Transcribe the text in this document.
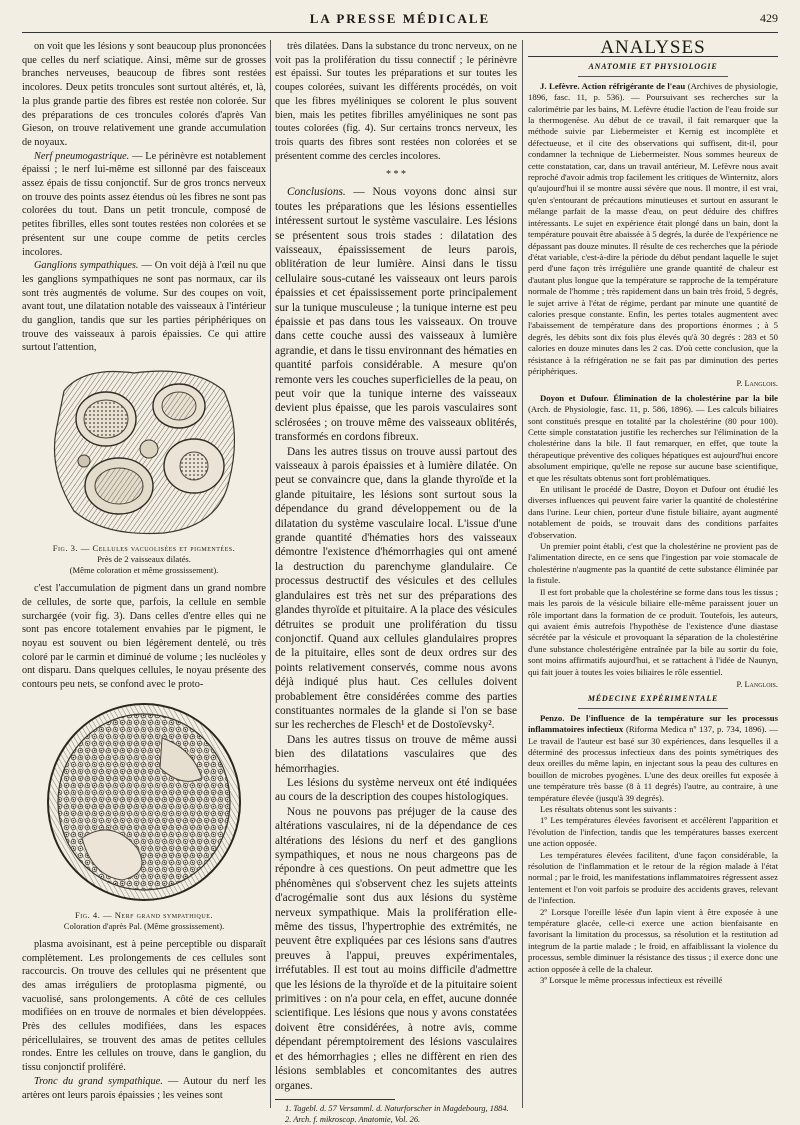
LA PRESSE MÉDICALE	429

on voit que les lésions y sont beaucoup plus prononcées que celles du nerf sciatique. Ainsi, même sur de grosses branches nerveuses, beaucoup de fibres sont restées incolores. Deux petits troncules sont surtout altérés, et, là, la plus grande partie des fibres est restée non colorée. Sur des préparations de ces troncules colorés d'après Van Gieson, on trouve relativement une grande accumulation de noyaux.

Nerf pneumogastrique. — Le périnèvre est notablement épaissi ; le nerf lui-même est sillonné par des faisceaux assez épais de tissu conjonctif. Sur de gros troncs nerveux on trouve des points assez étendus où les fibres ne sont pas colorées du tout. Dans un petit troncule, composé de petites fibrilles, elles sont toutes restées non colorées et se présentent sur une coupe comme de petits cercles incolores.

Ganglions sympathiques. — On voit déjà à l'œil nu que les ganglions sympathiques ne sont pas normaux, car ils sont très augmentés de volume. Sur des coupes on voit, avant tout, une dilatation notable des vaisseaux à l'intérieur du ganglion, tandis que sur les parties périphériques on trouve des vaisseaux à parois épaissies. Ce qui attire surtout l'attention,

Fig. 3. — Cellules vacuolisées et pigmentées.
Près de 2 vaisseaux dilatés.
(Même coloration et même grossissement).

c'est l'accumulation de pigment dans un grand nombre de cellules, de sorte que, parfois, la cellule en semble surchargée (voir fig. 3). Dans celles d'entre elles qui ne sont pas encore totalement envahies par le pigment, le noyau est souvent ou bien légèrement dentelé, ou très coloré par le carmin et diminué de volume ; les nucléoles y ont disparu. Dans quelques cellules, le noyau présente des contours peu nets, se confond avec le proto-

Fig. 4. — Nerf grand sympathique.
Coloration d'après Pal. (Même grossissement).

plasma avoisinant, est à peine perceptible ou disparaît complètement. Les prolongements de ces cellules sont raccourcis. On trouve des cellules qui ne présentent que des amas irréguliers de protoplasma pigmenté, ou vacuolisé, sans prolongements. A côté de ces cellules modifiées on en trouve de normales et bien développées. Près des cellules modifiées, dans les espaces péricellulaires, se trouvent des amas de petites cellules rondes. Entre les cellules on trouve, dans le ganglion, du tissu conjonctif proliféré.

Tronc du grand sympathique. — Autour du nerf les artères ont leurs parois épaissies ; les veines sont

très dilatées. Dans la substance du tronc nerveux, on ne voit pas la prolifération du tissu connectif ; le périnèvre est épaissi. Sur toutes les préparations et sur toutes les coupes colorées, suivant les différents procédés, on voit que les fibres myéliniques se colorent le plus souvent bien, mais les petites fibrilles amyéliniques ne sont pas toutes colorées (fig. 4). Sur certains troncs nerveux, les trois quarts des fibres sont restées non colorées et se présentent comme des cercles incolores.

* * *

Conclusions. — Nous voyons donc ainsi sur toutes les préparations que les lésions essentielles intéressent surtout le système vasculaire. Les lésions se présentent sous trois stades : dilatation des vaisseaux, épaississement de leurs parois, oblitération de leur lumière. Ainsi dans le tissu cellulaire sous-cutané les vaisseaux ont leurs parois épaissies et cet épaississement porte principalement sur la tunique musculeuse ; la tunique interne est peu épaissie et pas dans tous les vaisseaux. On trouve dans cette couche aussi des vaisseaux à lumière agrandie, et dans le tissu environnant des hématies en quantité parfois considérable. A mesure qu'on remonte vers les couches superficielles de la peau, on peut voir que la tunique interne des vaisseaux devient plus épaisse, que les parois vasculaires sont sclérosées ; on trouve même des vaisseaux oblitérés, transformés en cordons fibreux.

Dans les autres tissus on trouve aussi partout des vaisseaux à parois épaissies et à lumière dilatée. On peut se convaincre que, dans la glande thyroïde et la glande pituitaire, les lésions sont surtout sous la dépendance du grand développement ou de la dilatation du système vasculaire local. L'issue d'une grande quantité d'hématies hors des vaisseaux démontre l'existence d'hémorrhagies qui ont amené la destruction du parenchyme glandulaire. Ce processus destructif des vésicules et des cellules glandulaires est très net sur des préparations des glandes thyroïde et pituitaire. A la place des vésicules détruites se produit une prolifération du tissu conjonctif. Quand aux cellules glandulaires propres de la pituitaire, elles sont de deux ordres sur des points relativement conservés, comme nous avons déjà indiqué plus haut. Ces cellules doivent probablement être considérées comme des parties constituantes normales de la glande si l'on se base sur les recherches de Flesch¹ et de Dostoïevsky².

Dans les autres tissus on trouve de même aussi bien des dilatations vasculaires que des hémorrhagies.

Les lésions du système nerveux ont été indiquées au cours de la description des coupes histologiques.

Nous ne pouvons pas préjuger de la cause des altérations vasculaires, ni de la dépendance de ces altérations des lésions du nerf et des ganglions sympathiques, et nous ne nous chargeons pas de répondre à ces questions. On peut admettre que les phénomènes qui s'observent chez les sujets atteints d'acrogémalie sont dus aux lésions du système nerveux sympathique. Mais la prolifération elle-même des tissus, l'hypertrophie des extrémités, ne peuvent être expliquées par ces lésions sans d'autres preuves à l'appui, preuves expérimentales, irréfutables. Il est tout au moins difficile d'admettre que les lésions de la thyroïde et de la pituitaire soient primitives : on n'a pour cela, en effet, aucune donnée scientifique. Les lésions que nous y avons constatées doivent être considérées, à notre avis, comme dépendant péremptoirement des lésions vasculaires et des hémorrhagies ; elles ne diffèrent en rien des lésions semblables et concomitantes des autres organes.

1. Tagebl. d. 57 Versamml. d. Naturforscher in Magdebourg, 1884.

2. Arch. f. mikroscop. Anatomie, Vol. 26.

ANALYSES
ANATOMIE ET PHYSIOLOGIE

J. Lefèvre. Action réfrigérante de l'eau (Archives de physiologie, 1896, fasc. 11, p. 536). — Poursuivant ses recherches sur la calorimétrie par les bains, M. Lefèvre étudie l'action de l'eau froide sur la thermogenèse. Au début de ce travail, il fait remarquer que la méthode suivie par Liebermeister et Kernig est incomplète et défectueuse, et il cite des observations qui suffisent, dit-il, pour condamner la technique de Liebermeister. Nous sommes heureux de cette constatation, car, dans un travail antérieur, M. Lefèvre nous avait reproché d'avoir admis trop facilement les critiques de Winternitz, alors qu'aujourd'hui il se montre aussi sévère que nous. Il montre, il est vrai, qu'en s'entourant de précautions minutieuses et surtout en assurant le mélange parfait de la masse d'eau, on peut déduire des chiffres intéressants. Le sujet en expérience était plongé dans un bain, dont la température pouvait être abaissée à 5 degrés, la durée de l'expérience ne dépassant pas douze minutes. Il résulte de ces recherches que la période d'état variable, c'est-à-dire la période du début pendant laquelle le sujet perd d'une façon très irrégulière une grande quantité de chaleur est d'autant plus longue que la température se rapproche de la température normale de l'homme ; très rapidement dans un bain très froid, 5 degrés, le sujet arrive à l'état de régime, perdant par minute une quantité de calories presque constante. Enfin, les pertes totales augmentent avec l'abaissement de température dans des proportions énormes ; à 5 degrés, les débits sont dix fois plus élevés qu'à 30 degrés : 283 et 50 calories en douze minutes dans les 2 cas. D'où cette conclusion, que la résistance à la réfrigération ne se fait pas par diminution des pertes périphériques.

P. Langlois.

Doyon et Dufour. Élimination de la cholestérine par la bile (Arch. de Physiologie, fasc. 11, p. 586, 1896). — Les calculs biliaires sont constitués presque en totalité par la cholestérine (80 pour 100). Cette simple constatation justifie les recherches sur l'élimination de la cholestérine dans la bile. Il faut remarquer, en effet, que toute la thérapeutique préventive des coliques hépatiques est aujourd'hui encore absolument empirique, qu'elle ne repose sur aucune base scientifique, et que les résultats obtenus sont fort problématiques.

En utilisant le procédé de Dastre, Doyon et Dufour ont étudié les diverses influences qui peuvent faire varier la quantité de cholestérine dans l'urine. Leur chien, porteur d'une fistule biliaire, ayant augmenté notablement de poids, se trouvait dans des conditions parfaites d'observation.

Un premier point établi, c'est que la cholestérine ne provient pas de l'alimentation directe, en ce sens que l'ingestion par voie stomacale de cholestérine n'augmente pas la quantité de cette substance éliminée par la fistule.

Il est fort probable que la cholestérine se forme dans tous les tissus ; mais les parois de la vésicule biliaire elle-même paraissent jouer un rôle important dans la formation de ce produit. Toutefois, les auteurs, qui avaient émis autrefois l'hypothèse de l'existence d'une diastase sécrétée par la vésicule et provoquant la séparation de la cholestérine d'une substance cholestérigène entraînée par la bile au sortir du foie, sont moins affirmatifs aujourd'hui, et se rattachent à l'idée de Naunyn, qui fait jouer à toutes les voies biliaires le rôle essentiel.

P. Langlois.
MÉDECINE EXPÉRIMENTALE

Penzo. De l'influence de la température sur les processus inflammatoires infectieux (Riforma Medica nº 137, p. 734, 1896). — Le travail de l'auteur est basé sur 30 expériences, dans lesquelles il a déterminé des processus infectieux dans des points symétriques des deux oreilles du même lapin, en injectant sous la peau des cultures en bouillon de microbes pyogènes. L'une des deux oreilles fut exposée à une température très basse (8 à 11 degrés) l'autre, au contraire, à une température élevée (jusqu'à 39 degrés).

Les résultats obtenus sont les suivants :

1º Les températures élevées favorisent et accélèrent l'apparition et l'évolution de l'infection, tandis que les températures basses exercent une action opposée.

Les températures élevées facilitent, d'une façon considérable, la résolution de l'inflammation et le retour de la région malade à l'état normal ; par le froid, les manifestations inflammatoires régressent assez lentement et l'on voit parfois se produire des accidents graves, relevant de l'infection.

2º Lorsque l'oreille lésée d'un lapin vient à être exposée à une température glacée, celle-ci exerce une action bienfaisante en favorisant la limitation du processus, sa résolution et la restitution ad integrum de la partie malade ; le froid, en affaiblissant la violence du processus, semble diminuer la résistance des tissus ; il exerce donc une action opposée à celle de la chaleur.

3º Lorsque le même processus infectieux est réveillé
